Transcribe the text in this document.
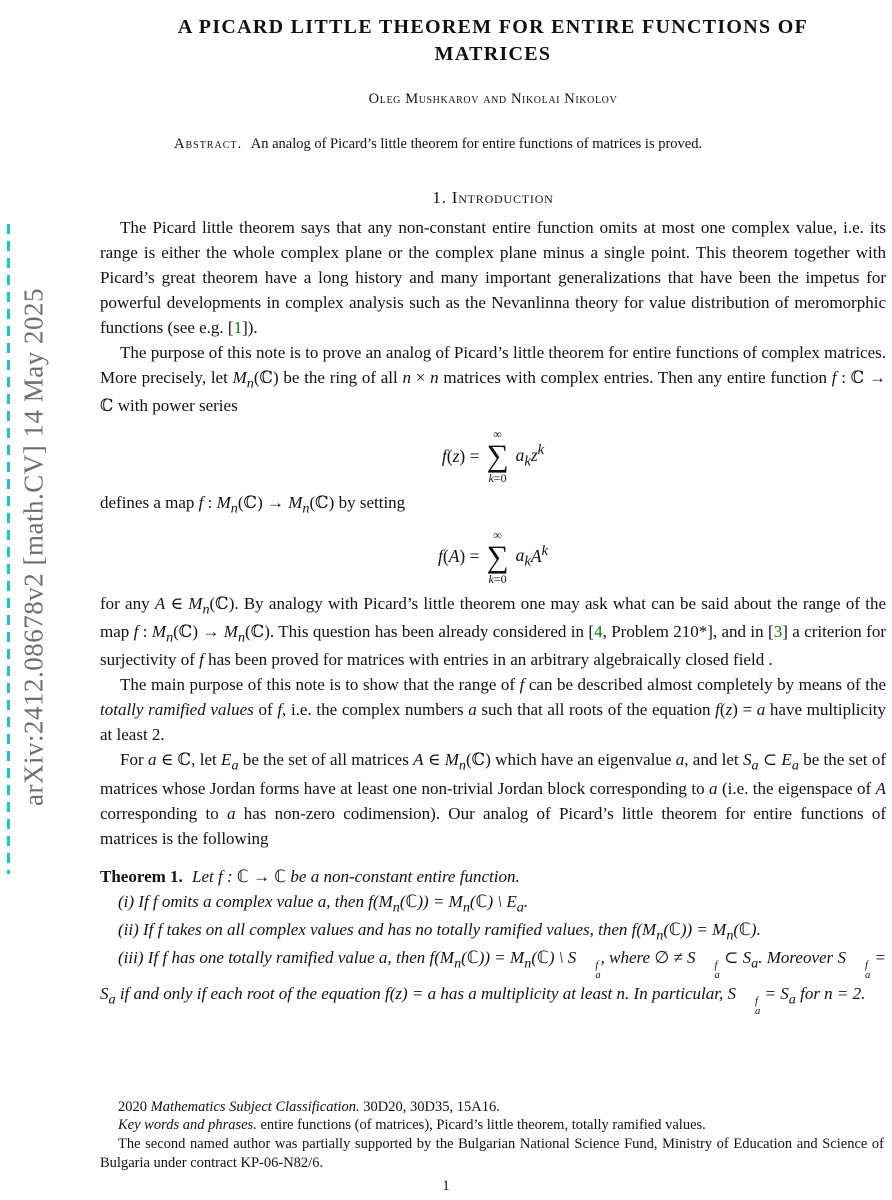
arXiv:2412.08678v2 [math.CV] 14 May 2025
A PICARD LITTLE THEOREM FOR ENTIRE FUNCTIONS OF MATRICES
Oleg Mushkarov and Nikolai Nikolov

Abstract. An analog of Picard’s little theorem for entire functions of matrices is proved.

1. Introduction

The Picard little theorem says that any non-constant entire function omits at most one complex value, i.e. its range is either the whole complex plane or the complex plane minus a single point. This theorem together with Picard’s great theorem have a long history and many important generalizations that have been the impetus for powerful developments in complex analysis such as the Nevanlinna theory for value distribution of meromorphic functions (see e.g. [1]).

The purpose of this note is to prove an analog of Picard’s little theorem for entire functions of complex matrices. More precisely, let $M_n(ℂ)$ be the ring of all n × n matrices with complex entries. Then any entire function f : ℂ → ℂ with power series

f(z) =
∞
∑
k=0
$a_kz^k$

defines a map f : $M_n(ℂ)$ → $M_n(ℂ)$ by setting

f(A) =
∞
∑
k=0
$a_kA^k$

for any A ∈ $M_n(ℂ)$. By analogy with Picard’s little theorem one may ask what can be said about the range of the map f : $M_n(ℂ)$ → $M_n(ℂ)$. This question has been already considered in [4, Problem 210*], and in [3] a criterion for surjectivity of f has been proved for matrices with entries in an arbitrary algebraically closed field .

The main purpose of this note is to show that the range of f can be described almost completely by means of the totally ramified values of f, i.e. the complex numbers a such that all roots of the equation f(z) = a have multiplicity at least 2.

For a ∈ ℂ, let $E_a$ be the set of all matrices A ∈ $M_n(ℂ)$ which have an eigenvalue a, and let $S_a$ ⊂ $E_a$ be the set of matrices whose Jordan forms have at least one non-trivial Jordan block corresponding to a (i.e. the eigenspace of A corresponding to a has non-zero codimension). Our analog of Picard’s little theorem for entire functions of matrices is the following

Theorem 1. Let f : ℂ → ℂ be a non-constant entire function.

(i) If f omits a complex value a, then $f(M_n(ℂ))$ = $M_n(ℂ)$ \ $E_a$.

(ii) If f takes on all complex values and has no totally ramified values, then $f(M_n(ℂ))$ = $M_n(ℂ)$.

(iii) If f has one totally ramified value a, then $f(M_n(ℂ))$ = $M_n(ℂ)$ \ S	f
a
, where ∅ ≠ S	f
a
⊂ $S_a$. Moreover S	f
a
= $S_a$ if and only if each root of the equation f(z) = a has a multiplicity at least n. In particular, S	f
a
= $S_a$ for n = 2.

2020 Mathematics Subject Classification. 30D20, 30D35, 15A16.

Key words and phrases. entire functions (of matrices), Picard’s little theorem, totally ramified values.

The second named author was partially supported by the Bulgarian National Science Fund, Ministry of Education and Science of Bulgaria under contract KP-06-N82/6.

1
